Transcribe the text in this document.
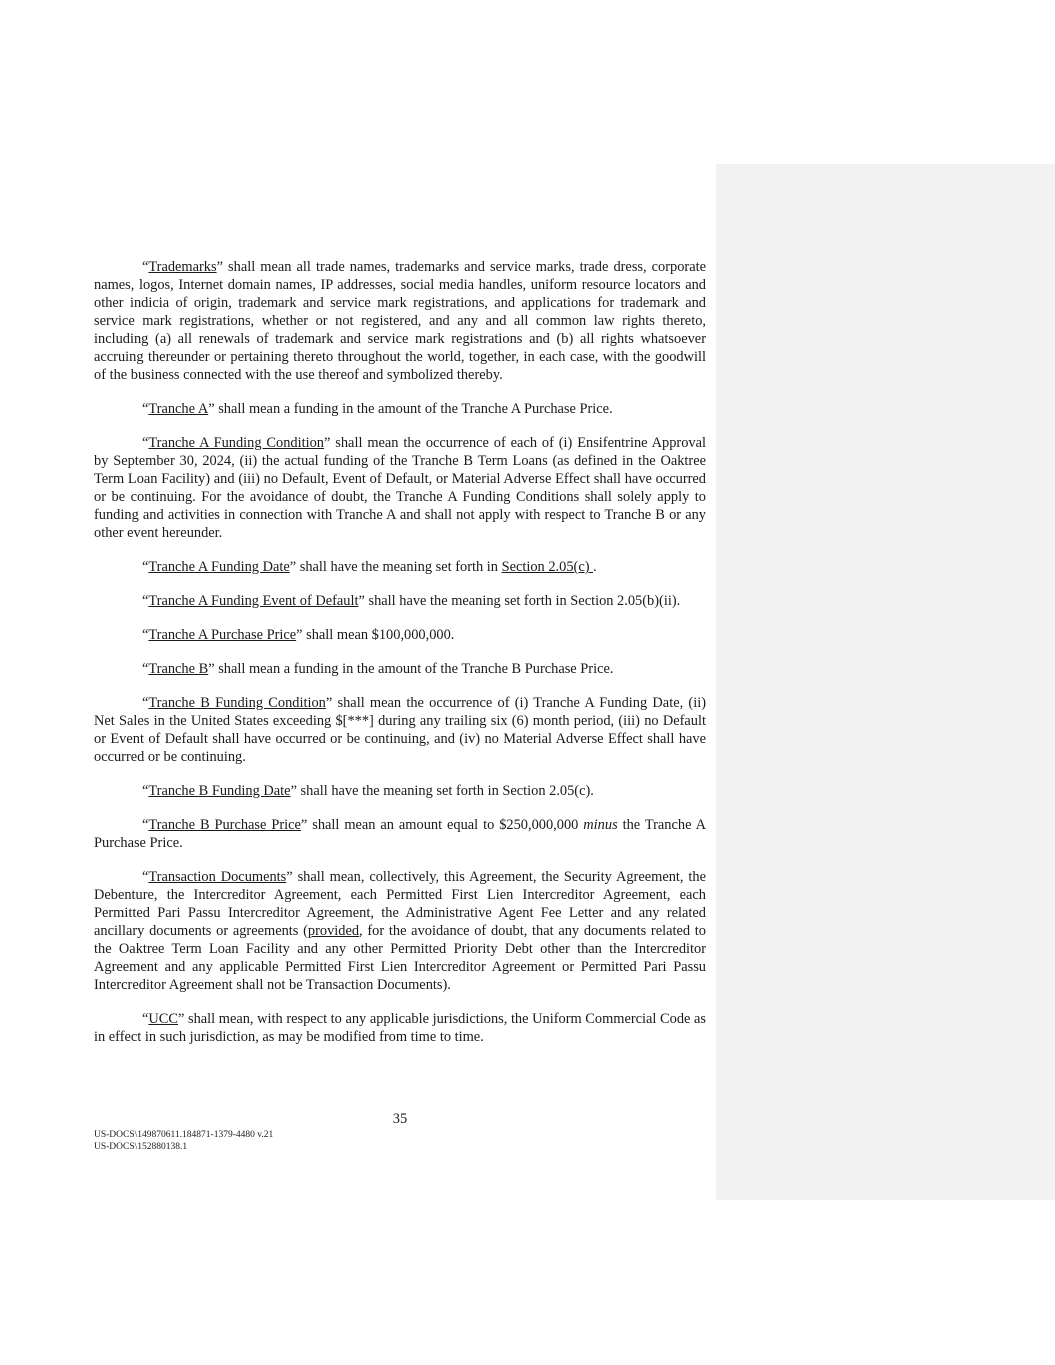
“Trademarks” shall mean all trade names, trademarks and service marks, trade dress, corporate names, logos, Internet domain names, IP addresses, social media handles, uniform resource locators and other indicia of origin, trademark and service mark registrations, and applications for trademark and service mark registrations, whether or not registered, and any and all common law rights thereto, including (a) all renewals of trademark and service mark registrations and (b) all rights whatsoever accruing thereunder or pertaining thereto throughout the world, together, in each case, with the goodwill of the business connected with the use thereof and symbolized thereby.

“Tranche A” shall mean a funding in the amount of the Tranche A Purchase Price.

“Tranche A Funding Condition” shall mean the occurrence of each of (i) Ensifentrine Approval by September 30, 2024, (ii) the actual funding of the Tranche B Term Loans (as defined in the Oaktree Term Loan Facility) and (iii) no Default, Event of Default, or Material Adverse Effect shall have occurred or be continuing. For the avoidance of doubt, the Tranche A Funding Conditions shall solely apply to funding and activities in connection with Tranche A and shall not apply with respect to Tranche B or any other event hereunder.

“Tranche A Funding Date” shall have the meaning set forth in Section 2.05(c) .

“Tranche A Funding Event of Default” shall have the meaning set forth in Section 2.05(b)(ii).

“Tranche A Purchase Price” shall mean $100,000,000.

“Tranche B” shall mean a funding in the amount of the Tranche B Purchase Price.

“Tranche B Funding Condition” shall mean the occurrence of (i) Tranche A Funding Date, (ii) Net Sales in the United States exceeding $[***] during any trailing six (6) month period, (iii) no Default or Event of Default shall have occurred or be continuing, and (iv) no Material Adverse Effect shall have occurred or be continuing.

“Tranche B Funding Date” shall have the meaning set forth in Section 2.05(c).

“Tranche B Purchase Price” shall mean an amount equal to $250,000,000 minus the Tranche A Purchase Price.

“Transaction Documents” shall mean, collectively, this Agreement, the Security Agreement, the Debenture, the Intercreditor Agreement, each Permitted First Lien Intercreditor Agreement, each Permitted Pari Passu Intercreditor Agreement, the Administrative Agent Fee Letter and any related ancillary documents or agreements (provided, for the avoidance of doubt, that any documents related to the Oaktree Term Loan Facility and any other Permitted Priority Debt other than the Intercreditor Agreement and any applicable Permitted First Lien Intercreditor Agreement or Permitted Pari Passu Intercreditor Agreement shall not be Transaction Documents).

“UCC” shall mean, with respect to any applicable jurisdictions, the Uniform Commercial Code as in effect in such jurisdiction, as may be modified from time to time.

35
US-DOCS\149870611.184871-1379-4480 v.21
US-DOCS\152880138.1
